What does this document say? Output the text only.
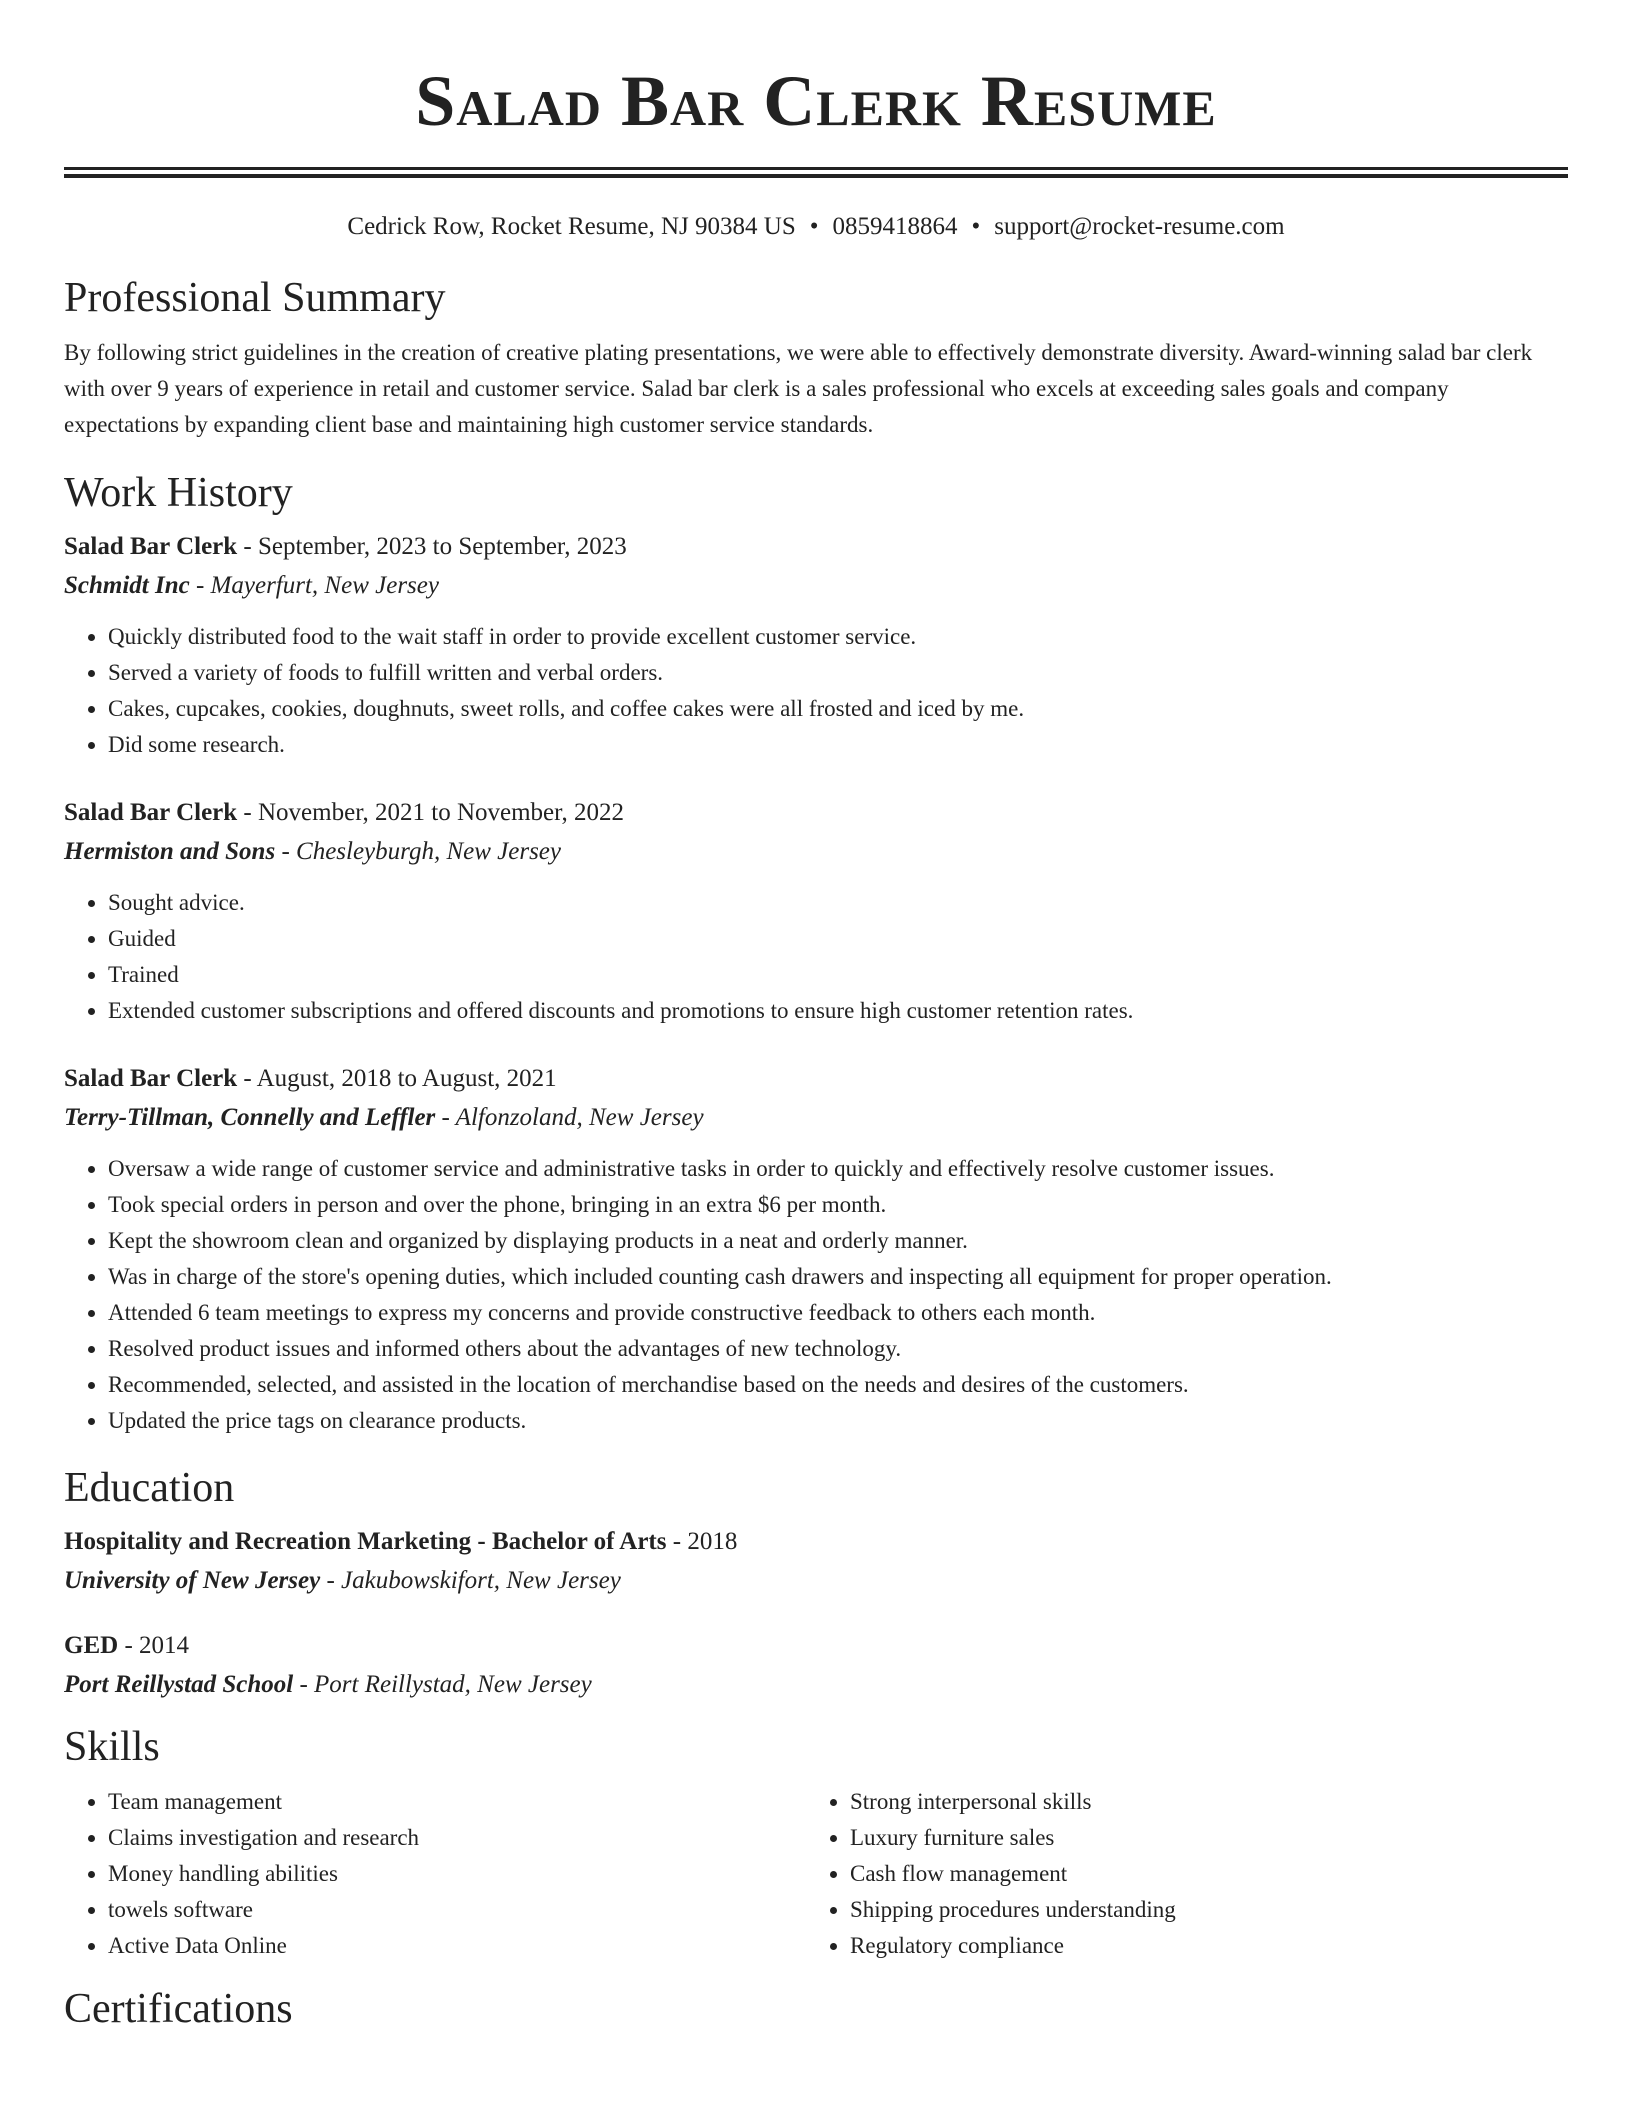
Salad Bar Clerk Resume
Cedrick Row, Rocket Resume, NJ 90384 US • 0859418864 • support@rocket-resume.com
Professional Summary

By following strict guidelines in the creation of creative plating presentations, we were able to effectively demonstrate diversity. Award-winning salad bar clerk with over 9 years of experience in retail and customer service. Salad bar clerk is a sales professional who excels at exceeding sales goals and company expectations by expanding client base and maintaining high customer service standards.

Work History
Salad Bar Clerk - September, 2023 to September, 2023
Schmidt Inc - Mayerfurt, New Jersey
• Quickly distributed food to the wait staff in order to provide excellent customer service.
• Served a variety of foods to fulfill written and verbal orders.
• Cakes, cupcakes, cookies, doughnuts, sweet rolls, and coffee cakes were all frosted and iced by me.
• Did some research.
Salad Bar Clerk - November, 2021 to November, 2022
Hermiston and Sons - Chesleyburgh, New Jersey
• Sought advice.
• Guided
• Trained
• Extended customer subscriptions and offered discounts and promotions to ensure high customer retention rates.
Salad Bar Clerk - August, 2018 to August, 2021
Terry-Tillman, Connelly and Leffler - Alfonzoland, New Jersey
• Oversaw a wide range of customer service and administrative tasks in order to quickly and effectively resolve customer issues.
• Took special orders in person and over the phone, bringing in an extra $6 per month.
• Kept the showroom clean and organized by displaying products in a neat and orderly manner.
• Was in charge of the store's opening duties, which included counting cash drawers and inspecting all equipment for proper operation.
• Attended 6 team meetings to express my concerns and provide constructive feedback to others each month.
• Resolved product issues and informed others about the advantages of new technology.
• Recommended, selected, and assisted in the location of merchandise based on the needs and desires of the customers.
• Updated the price tags on clearance products.
Education
Hospitality and Recreation Marketing - Bachelor of Arts - 2018
University of New Jersey - Jakubowskifort, New Jersey
GED - 2014
Port Reillystad School - Port Reillystad, New Jersey
Skills
• Team management
• Claims investigation and research
• Money handling abilities
• towels software
• Active Data Online
• Strong interpersonal skills
• Luxury furniture sales
• Cash flow management
• Shipping procedures understanding
• Regulatory compliance
Certifications
